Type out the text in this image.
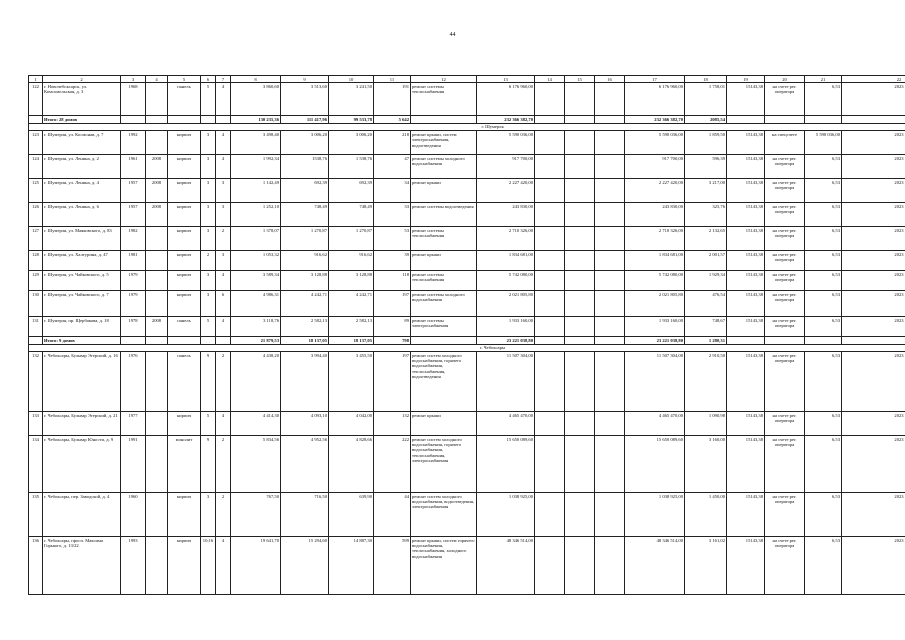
44
1	2	3	4	5	6	7	8	9	10	11	12	13	14	15	16	17	18	19	20	21	22
122	г. Новочебоксарск, ул. Комсомольская, д. 3	1968		панель	5	4	3 860,60	3 513,60	3 241,50	191	ремонт системы теплоснабжения	6 176 960,00				6 176 960,00	1 758,01	15143,38	на счете рег. оператора	6,53	2023
	Итого: 28 домов						130 235,36	111 417,96	99 533,78	5 642		232 366 382,70				232 366 382,70	2085,54				
г. Шумерля																					
123	г. Шумерля, ул. Космонав, д. 7	1992		кирпич	3	4	3 498,40	3 006,20	3 006,20	218	ремонт крыши, систем электроснабжения, водоотведения	5 590 036,00				5 590 036,00	1 859,50	15143,38	на спецсчете	5 590 036,00	2023
124	г. Шумерля, ул. Ленина, д. 2	1961	2008	кирпич	3	4	1 992,34	1538,76	1 538,76	47	ремонт системы холодного водоснабжения	917 700,00				917 700,00	596,39	15143,38	на счете рег. оператора	6,53	2023
125	г. Шумерля, ул. Ленина, д. 4	1957	2008	кирпич	3	3	1 142,49	692,39	692,39	34	ремонт крыши	2 227 420,00				2 227 420,00	3 217,00	15143,38	на счете рег. оператора	6,53	2023
126	г. Шумерля, ул. Ленина, д. 6	1957	2008	кирпич	3	3	1 252,10	748,49	748,49	33	ремонт системы водоотведения	243 830,00				243 830,00	325,76	15143,38	на счете рег. оператора	6,53	2023
127	г. Шумерля, ул. Маяковского, д. 83	1982		кирпич	3	2	1 378,07	1 270,87	1 270,87	53	ремонт системы теплоснабжения	2 710 326,00				2 710 326,00	2 132,65	15143,38	на счете рег. оператора	6,53	2023
128	г. Шумерля, ул. Халтурина, д. 47	1981		кирпич	2	3	1 053,32	916,62	916,62	39	ремонт крыши	1 834 681,00				1 834 681,00	2 001,57	15143,38	на счете рег. оператора	6,53	2023
129	г. Шумерля, ул. Чайковского, д. 5	1979		кирпич	3	4	3 589,34	3 128,88	3 128,88	118	ремонт системы теплоснабжения	5 742 080,00				5 742 080,00	1 929,34	15143,38	на счете рег. оператора	6,53	2023
130	г. Шумерля, ул. Чайковского, д. 7	1979		кирпич	3	6	4 986,31	4 242,71	4 242,71	197	ремонт системы холодного водоснабжения	2 021 805,80				2 021 805,80	476,54	15143,38	на счете рег. оператора	6,53	2023
131	г. Шумерля, пр. Щербакова, д. 18	1978	2008	панель	5	4	3 118,76	2 582,13	2 582,13	89	ремонт системы электроснабжения	1 933 160,00				1 933 160,00	748,67	15143,38	на счете рег. оператора	6,53	2023
	Итого: 9 домов						21 879,53	18 137,05	18 137,05	798		23 221 038,80				23 221 038,80	1 280,31				
г. Чебоксары																					
132	г. Чебоксары, Бульвар Эгерский, д. 16	1976		панель	9	2	4 438,20	3 994,40	3 455,50	197	ремонт систем холодного водоснабжения, горячего водоснабжения, теплоснабжения, водоотведения	11 507 304,00				11 507 304,00	2 910,50	15143,38	на счете рег. оператора	6,53	2023
133	г. Чебоксары, Бульвар Эгерский, д. 21	1977		кирпич	5	4	4 414,30	4 093,10	4 042,00	132	ремонт крыши	4 465 470,00				4 465 470,00	1 090,98	15143,38	на счете рег. оператора	6,53	2023
134	г. Чебоксары, Бульвар Юности, д. 9	1991		монолит	9	2	5 834,56	4 952,56	4 828,66	222	ремонт систем холодного водоснабжения, горячего водоснабжения, теплоснабжения, электроснабжения	15 650 089,60				15 650 089,60	3 160,00	15143,38	на счете рег. оператора	6,53	2023
135	г. Чебоксары, пер. Заводской, д. 4	1960		кирпич	3	2	767,50	716,50	639,90	44	ремонт систем холодного водоснабжения, водоотведения, электроснабжения	1 038 925,00				1 038 925,00	1 450,00	15143,38	на счете рег. оператора	6,53	2023
136	г. Чебоксары, просп. Максима Горького, д. 13/22	1993		кирпич	10;16	4	19 641,70	15 294,60	14 887,30	599	ремонт крыши, систем горячего водоснабжения, теплоснабжения, холодного водоснабжения	48 346 514,00				48 346 514,00	3 161,02	15143,38	на счете рег. оператора	6,53	2023
